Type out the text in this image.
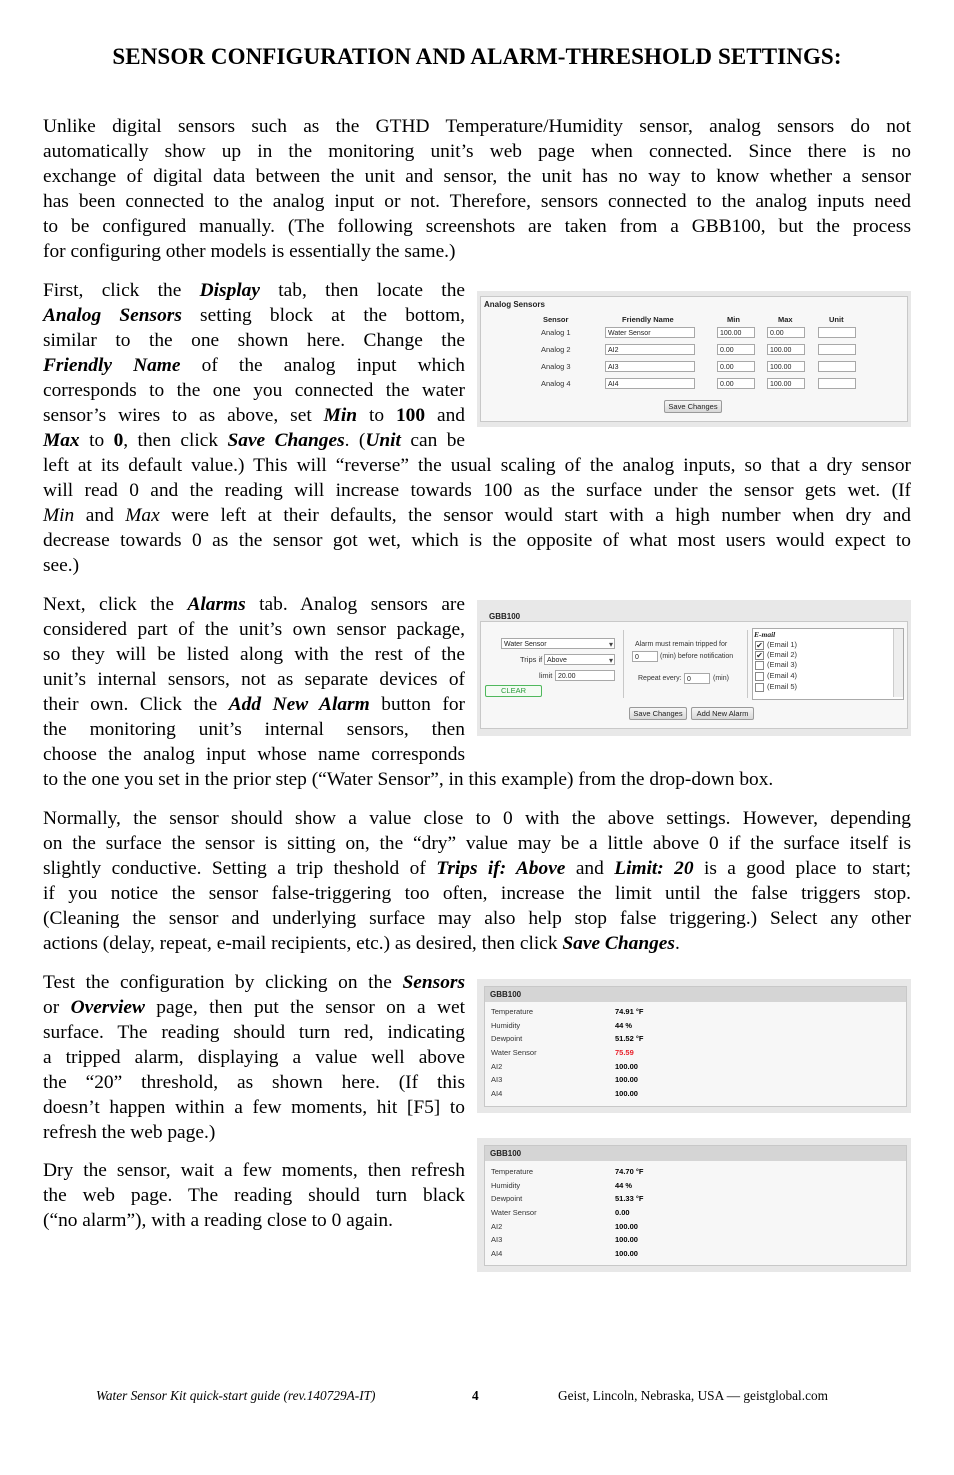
SENSOR CONFIGURATION AND ALARM-THRESHOLD SETTINGS:
Unlike digital sensors such as the GTHD Temperature/Humidity sensor, analog sensors do not
automatically show up in the monitoring unit’s web page when connected. Since there is no
exchange of digital data between the unit and sensor, the unit has no way to know whether a sensor
has been connected to the analog input or not. Therefore, sensors connected to the analog inputs need
to be configured manually. (The following screenshots are taken from a GBB100, but the process
for configuring other models is essentially the same.)
First, click the Display tab, then locate the
Analog Sensors setting block at the bottom,
similar to the one shown here. Change the
Friendly Name of the analog input which
corresponds to the one you connected the water
sensor’s wires to as above, set Min to 100 and
Max to 0, then click Save Changes. (Unit can be
left at its default value.) This will “reverse” the usual scaling of the analog inputs, so that a dry sensor
will read 0 and the reading will increase towards 100 as the surface under the sensor gets wet. (If
Min and Max were left at their defaults, the sensor would start with a high number when dry and
decrease towards 0 as the sensor got wet, which is the opposite of what most users would expect to
see.)
Analog Sensors
Sensor	Friendly Name	Min	Max	Unit
Analog 1	Water Sensor	100.00	0.00
Analog 2	AI2	0.00	100.00
Analog 3	AI3	0.00	100.00
Analog 4	AI4	0.00	100.00
Save Changes
Next, click the Alarms tab. Analog sensors are
considered part of the unit’s own sensor package,
so they will be listed along with the rest of the
unit’s internal sensors, not as separate devices of
their own. Click the Add New Alarm button for
the monitoring unit’s internal sensors, then
choose the analog input whose name corresponds
to the one you set in the prior step (“Water Sensor”, in this example) from the drop-down box.
GBB100
Water Sensor ▾
Trips if Above ▾
limit 20.00
CLEAR
Alarm must remain tripped for
0	(min) before notification
Repeat every: 0	(min)
E-mail
✔ (Email 1)
✔ (Email 2)
(Email 3)
(Email 4)
(Email 5)
Save Changes	Add New Alarm
Normally, the sensor should show a value close to 0 with the above settings. However, depending
on the surface the sensor is sitting on, the “dry” value may be a little above 0 if the surface itself is
slightly conductive. Setting a trip theshold of Trips if: Above and Limit: 20 is a good place to start;
if you notice the sensor false-triggering too often, increase the limit until the false triggers stop.
(Cleaning the sensor and underlying surface may also help stop false triggering.) Select any other
actions (delay, repeat, e-mail recipients, etc.) as desired, then click Save Changes.
Test the configuration by clicking on the Sensors
or Overview page, then put the sensor on a wet
surface. The reading should turn red, indicating
a tripped alarm, displaying a value well above
the “20” threshold, as shown here. (If this
doesn’t happen within a few moments, hit [F5] to
refresh the web page.)
GBB100
Temperature	74.91 °F
Humidity	44 %
Dewpoint	51.52 °F
Water Sensor	75.59
AI2	100.00
AI3	100.00
AI4	100.00
Dry the sensor, wait a few moments, then refresh
the web page. The reading should turn black
(“no alarm”), with a reading close to 0 again.
GBB100
Temperature	74.70 °F
Humidity	44 %
Dewpoint	51.33 °F
Water Sensor	0.00
AI2	100.00
AI3	100.00
AI4	100.00
Water Sensor Kit quick-start guide (rev.140729A-IT)	4	Geist, Lincoln, Nebraska, USA — geistglobal.com
